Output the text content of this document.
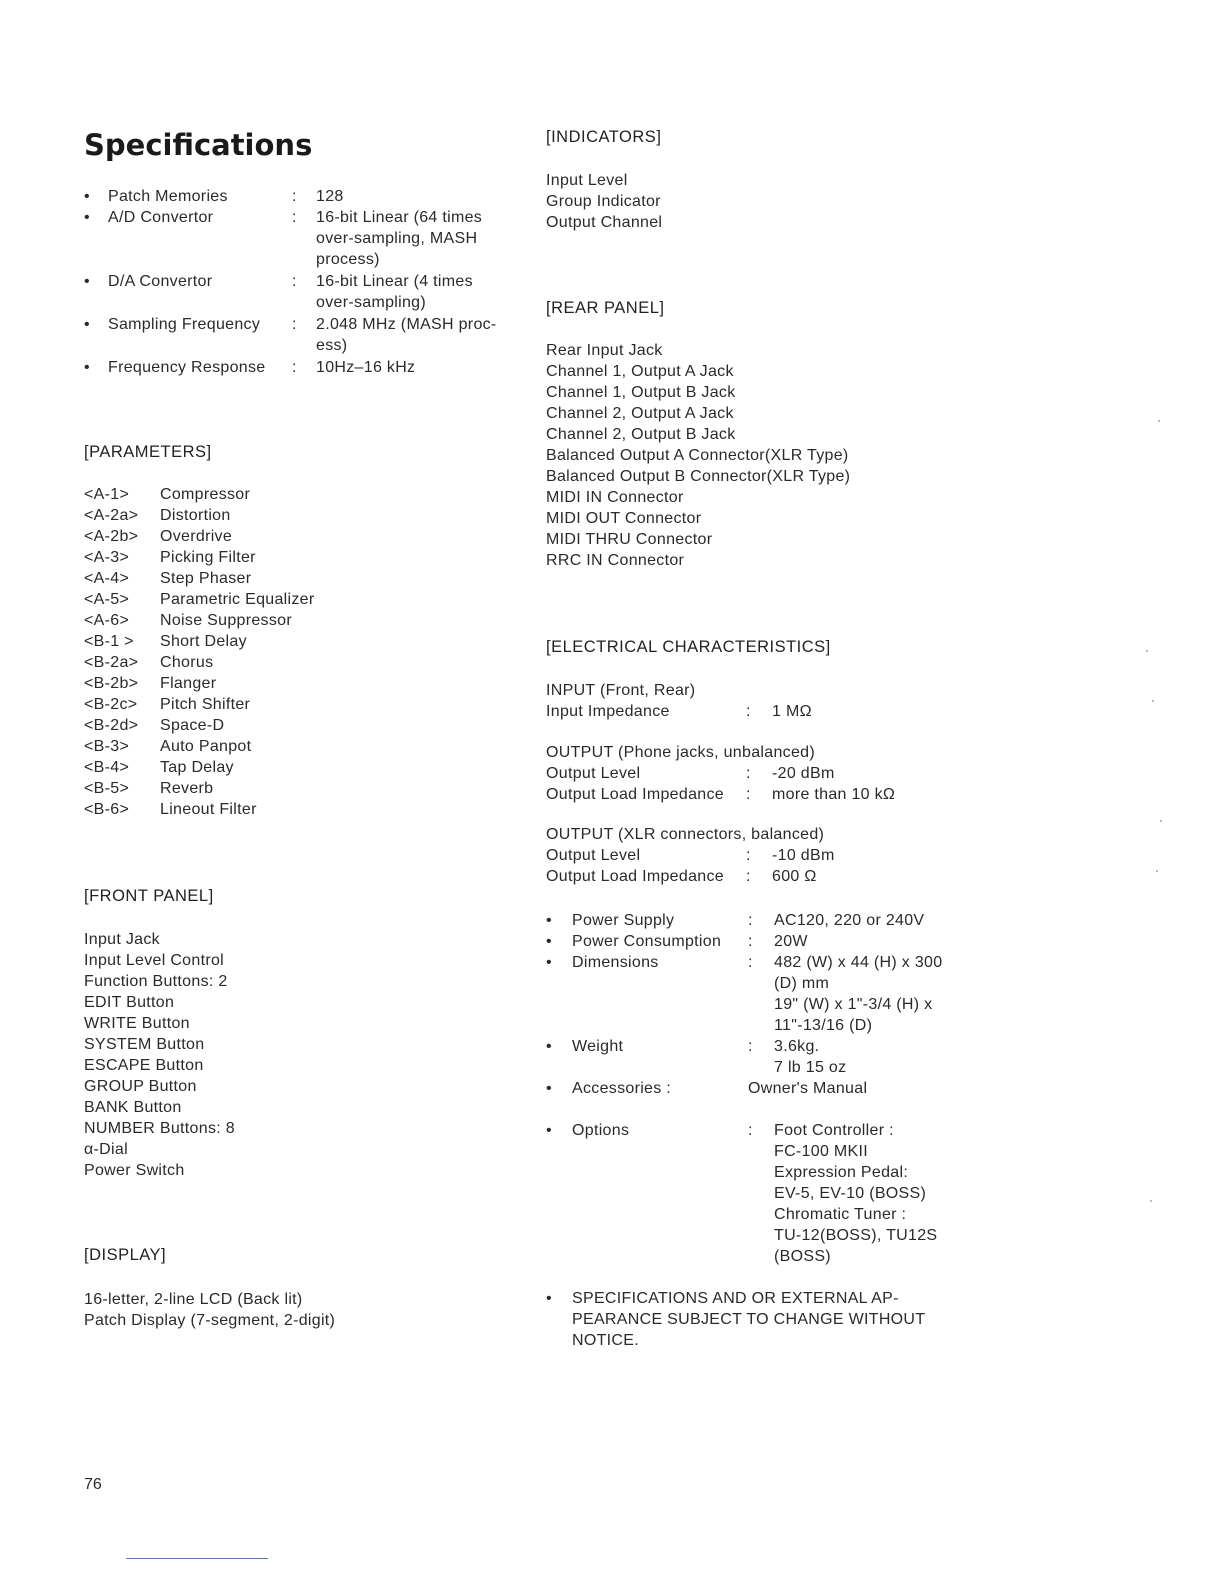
Specifications
•	Patch Memories	:	128
•	A/D Convertor	:	16-bit Linear (64 times
over-sampling, MASH
process)
•	D/A Convertor	:	16-bit Linear (4 times
over-sampling)
•	Sampling Frequency	:	2.048 MHz (MASH proc-
ess)
•	Frequency Response	:	10Hz–16 kHz
[PARAMETERS]
<A-1>	Compressor
<A-2a>	Distortion
<A-2b>	Overdrive
<A-3>	Picking Filter
<A-4>	Step Phaser
<A-5>	Parametric Equalizer
<A-6>	Noise Suppressor
<B-1 >	Short Delay
<B-2a>	Chorus
<B-2b>	Flanger
<B-2c>	Pitch Shifter
<B-2d>	Space-D
<B-3>	Auto Panpot
<B-4>	Tap Delay
<B-5>	Reverb
<B-6>	Lineout Filter
[FRONT PANEL]
Input Jack
Input Level Control
Function Buttons: 2
EDIT Button
WRITE Button
SYSTEM Button
ESCAPE Button
GROUP Button
BANK Button
NUMBER Buttons: 8
α-Dial
Power Switch
[DISPLAY]
16-letter, 2-line LCD (Back lit)
Patch Display (7-segment, 2-digit)
[INDICATORS]
Input Level
Group Indicator
Output Channel
[REAR PANEL]
Rear Input Jack
Channel 1, Output A Jack
Channel 1, Output B Jack
Channel 2, Output A Jack
Channel 2, Output B Jack
Balanced Output A Connector(XLR Type)
Balanced Output B Connector(XLR Type)
MIDI IN Connector
MIDI OUT Connector
MIDI THRU Connector
RRC IN Connector
[ELECTRICAL CHARACTERISTICS]
INPUT (Front, Rear)
Input Impedance	:	1 MΩ
OUTPUT (Phone jacks, unbalanced)
Output Level	:	-20 dBm
Output Load Impedance	:	more than 10 kΩ
OUTPUT (XLR connectors, balanced)
Output Level	:	-10 dBm
Output Load Impedance	:	600 Ω
•	Power Supply	:	AC120, 220 or 240V
•	Power Consumption	:	20W
•	Dimensions	:	482 (W) x 44 (H) x 300
(D) mm
19" (W) x 1"-3/4 (H) x
11"-13/16 (D)
•	Weight	:	3.6kg.
7 lb 15 oz
•	Accessories :	Owner's Manual
•	Options	:	Foot Controller :
FC-100 MKII
Expression Pedal:
EV-5, EV-10 (BOSS)
Chromatic Tuner :
TU-12(BOSS), TU12S
(BOSS)
•	SPECIFICATIONS AND OR EXTERNAL AP-
PEARANCE SUBJECT TO CHANGE WITHOUT
NOTICE.
76
